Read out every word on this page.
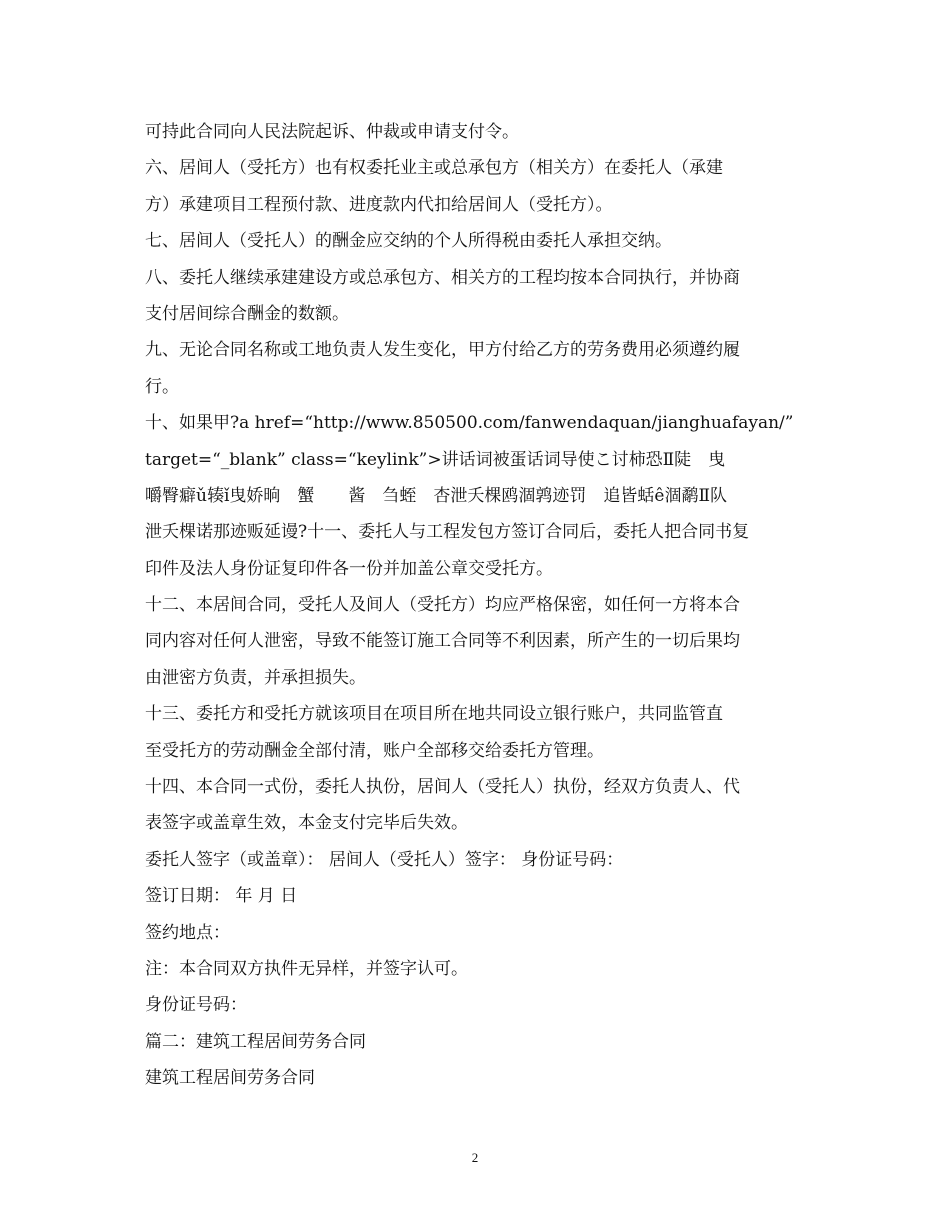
可持此合同向人民法院起诉、仲裁或申请支付令。
六、居间人（受托方）也有权委托业主或总承包方（相关方）在委托人（承建
方）承建项目工程预付款、进度款内代扣给居间人（受托方）。
七、居间人（受托人）的酬金应交纳的个人所得税由委托人承担交纳。
八、委托人继续承建建设方或总承包方、相关方的工程均按本合同执行，并协商
支付居间综合酬金的数额。
九、无论合同名称或工地负责人发生变化，甲方付给乙方的劳务费用必须遵约履
行。
十、如果甲?a href=“http://www.850500.com/fanwendaquan/jianghuafayan/”
target=“_blank” class=“keylink”>讲话词被蛋话词导使こ讨柿恐Ⅱ陡　曳
嚼臀癖ǔ辏ǐ曳娇晌　蟹　　酱　刍蛭　杏泄夭棵鸥涸鹑迹罚　追皆蛞ê涸鹬Ⅱ队
泄夭棵诺那迹贩延谩?十一、委托人与工程发包方签订合同后，委托人把合同书复
印件及法人身份证复印件各一份并加盖公章交受托方。
十二、本居间合同，受托人及间人（受托方）均应严格保密，如任何一方将本合
同内容对任何人泄密，导致不能签订施工合同等不利因素，所产生的一切后果均
由泄密方负责，并承担损失。
十三、委托方和受托方就该项目在项目所在地共同设立银行账户，共同监管直
至受托方的劳动酬金全部付清，账户全部移交给委托方管理。
十四、本合同一式份，委托人执份，居间人（受托人）执份，经双方负责人、代
表签字或盖章生效，本金支付完毕后失效。
委托人签字（或盖章）： 居间人（受托人）签字： 身份证号码：
签订日期： 年 月 日
签约地点：
注：本合同双方执件无异样，并签字认可。
身份证号码：
篇二：建筑工程居间劳务合同
建筑工程居间劳务合同
2
